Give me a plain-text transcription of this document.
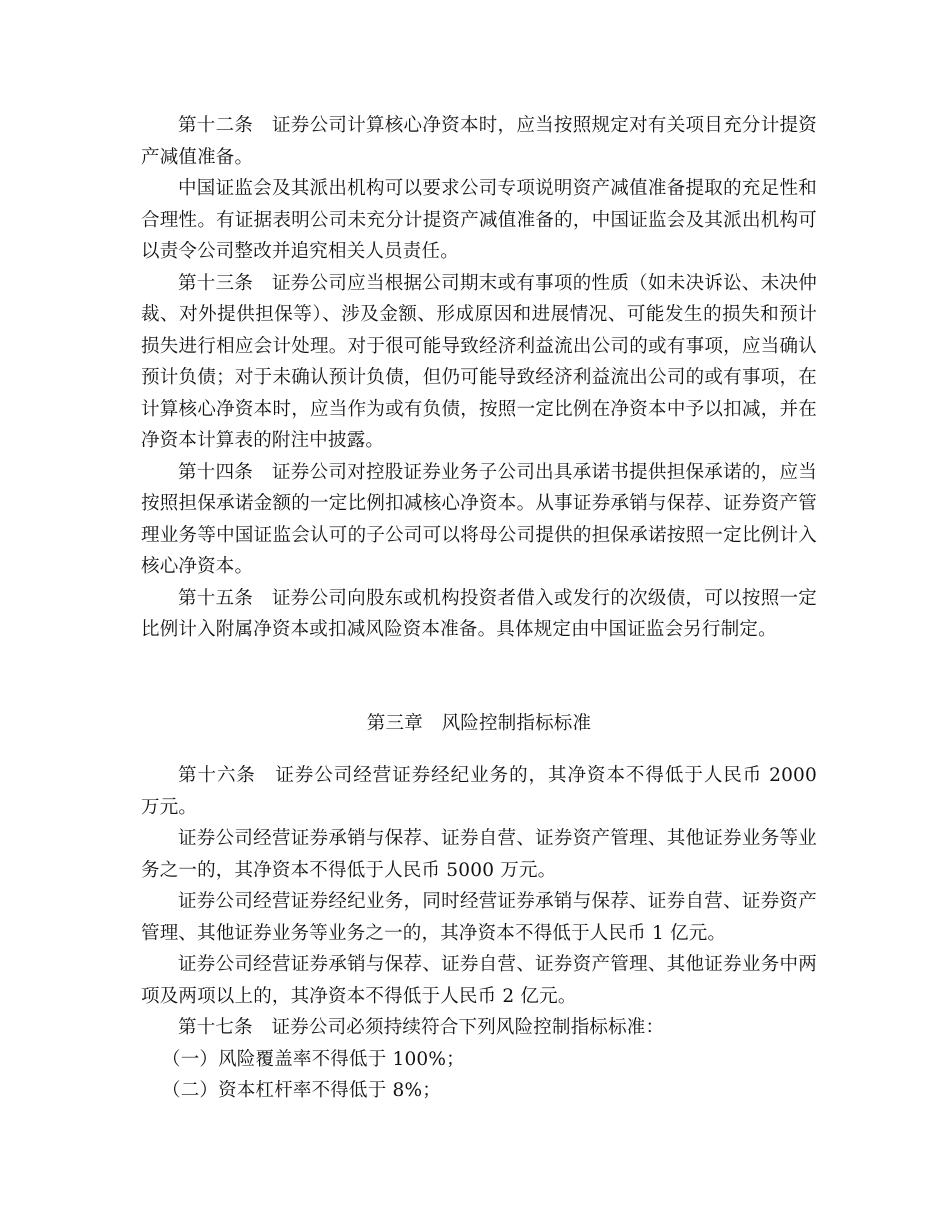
第十二条　证券公司计算核心净资本时，应当按照规定对有关项目充分计提资产减值准备。

中国证监会及其派出机构可以要求公司专项说明资产减值准备提取的充足性和合理性。有证据表明公司未充分计提资产减值准备的，中国证监会及其派出机构可以责令公司整改并追究相关人员责任。

第十三条　证券公司应当根据公司期末或有事项的性质（如未决诉讼、未决仲裁、对外提供担保等）、涉及金额、形成原因和进展情况、可能发生的损失和预计损失进行相应会计处理。对于很可能导致经济利益流出公司的或有事项，应当确认预计负债；对于未确认预计负债，但仍可能导致经济利益流出公司的或有事项，在计算核心净资本时，应当作为或有负债，按照一定比例在净资本中予以扣减，并在净资本计算表的附注中披露。

第十四条　证券公司对控股证券业务子公司出具承诺书提供担保承诺的，应当按照担保承诺金额的一定比例扣减核心净资本。从事证券承销与保荐、证券资产管理业务等中国证监会认可的子公司可以将母公司提供的担保承诺按照一定比例计入核心净资本。

第十五条　证券公司向股东或机构投资者借入或发行的次级债，可以按照一定比例计入附属净资本或扣减风险资本准备。具体规定由中国证监会另行制定。

第三章　风险控制指标标准

第十六条　证券公司经营证券经纪业务的，其净资本不得低于人民币 2000 万元。

证券公司经营证券承销与保荐、证券自营、证券资产管理、其他证券业务等业务之一的，其净资本不得低于人民币 5000 万元。

证券公司经营证券经纪业务，同时经营证券承销与保荐、证券自营、证券资产管理、其他证券业务等业务之一的，其净资本不得低于人民币 1 亿元。

证券公司经营证券承销与保荐、证券自营、证券资产管理、其他证券业务中两项及两项以上的，其净资本不得低于人民币 2 亿元。

第十七条　证券公司必须持续符合下列风险控制指标标准：

（一）风险覆盖率不得低于 100%；

（二）资本杠杆率不得低于 8%；
